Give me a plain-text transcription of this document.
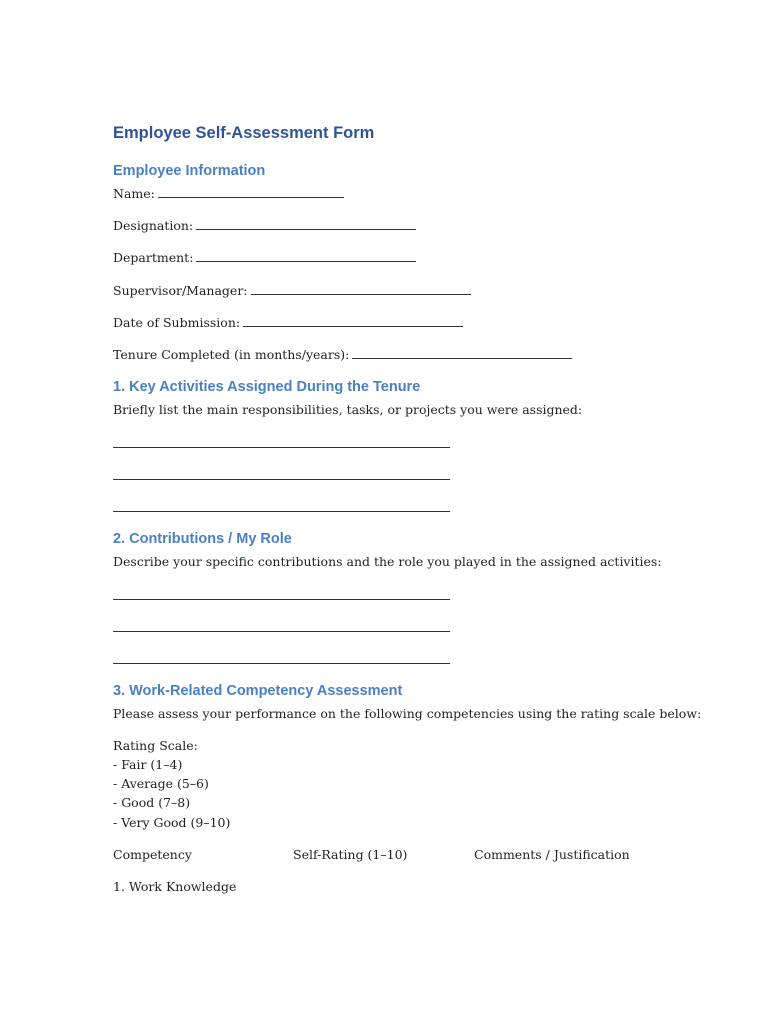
Employee Self-Assessment Form
Employee Information
Name:
Designation:
Department:
Supervisor/Manager:
Date of Submission:
Tenure Completed (in months/years):
1. Key Activities Assigned During the Tenure
Briefly list the main responsibilities, tasks, or projects you were assigned:
2. Contributions / My Role
Describe your specific contributions and the role you played in the assigned activities:
3. Work-Related Competency Assessment
Please assess your performance on the following competencies using the rating scale below:
Rating Scale:
- Fair (1–4)
- Average (5–6)
- Good (7–8)
- Very Good (9–10)
Competency	Self-Rating (1–10)	Comments / Justification
1. Work Knowledge
